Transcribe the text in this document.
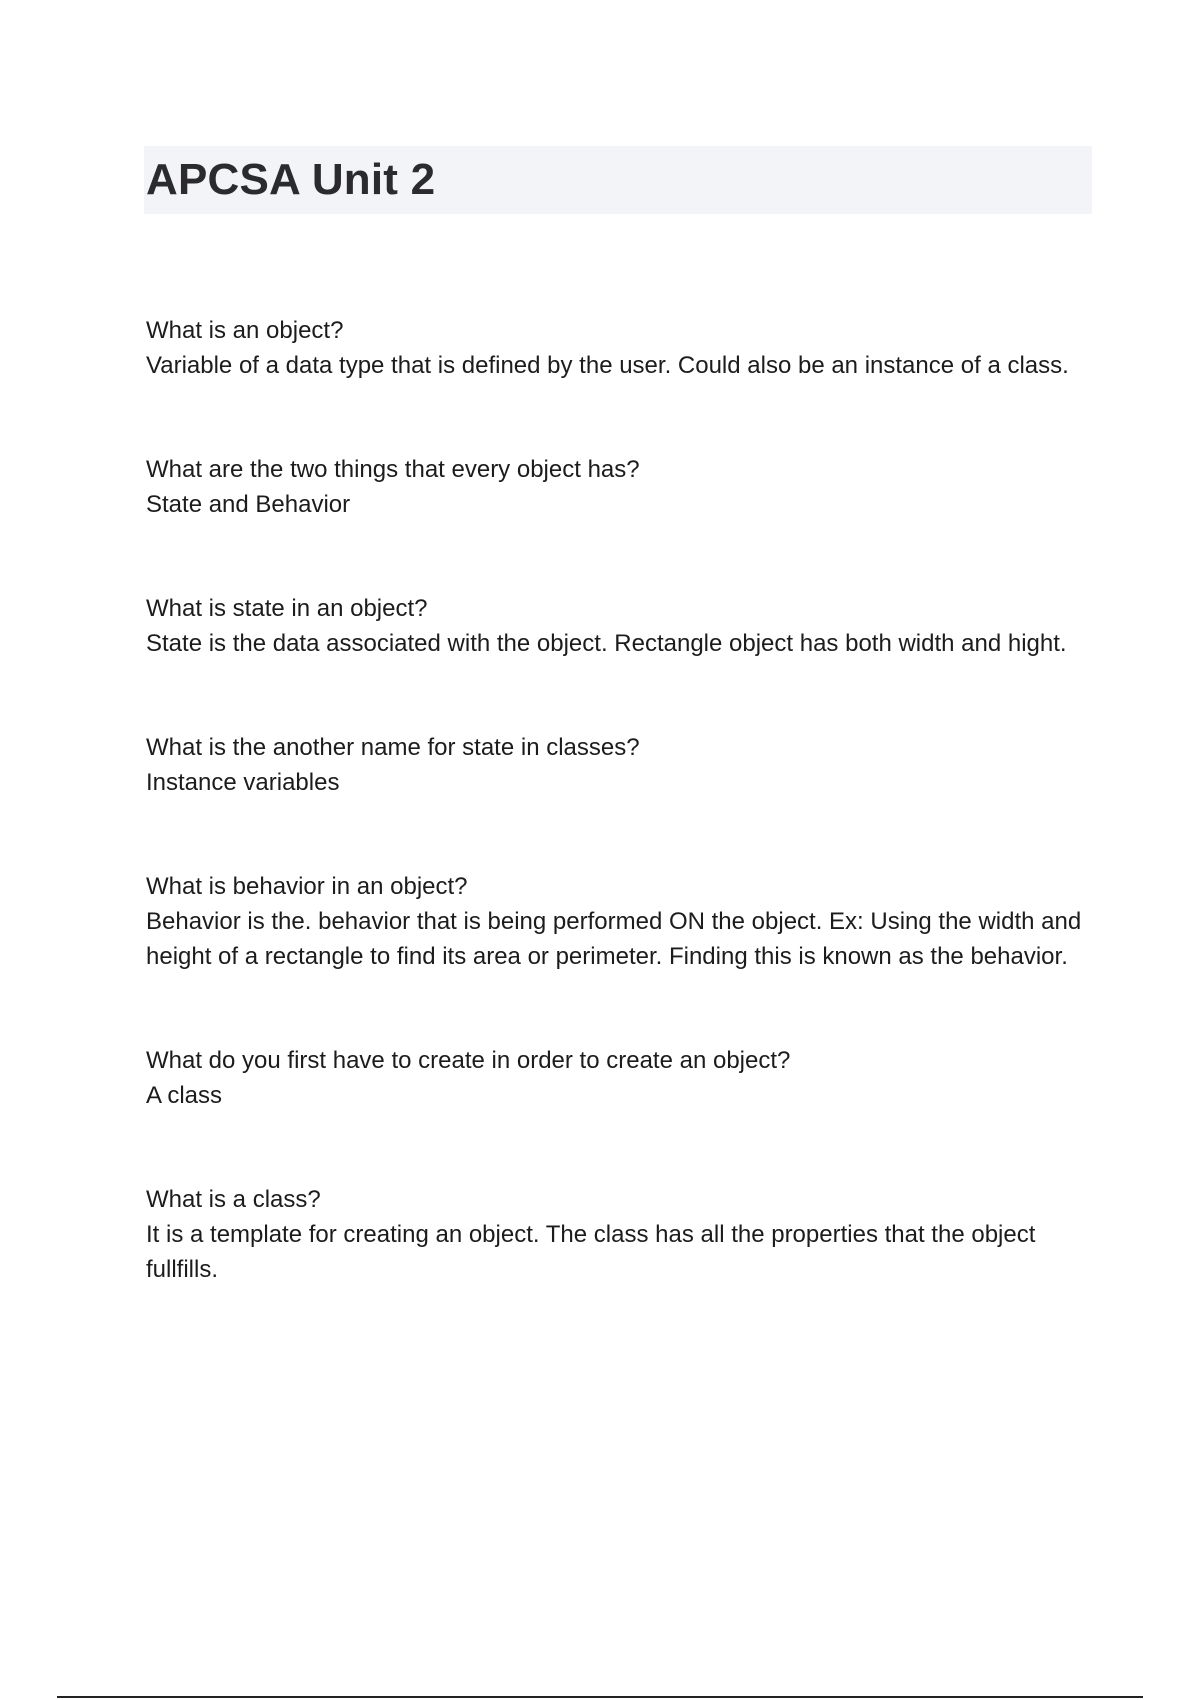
APCSA Unit 2
What is an object?
Variable of a data type that is defined by the user. Could also be an instance of a class.
What are the two things that every object has?
State and Behavior
What is state in an object?
State is the data associated with the object. Rectangle object has both width and hight.
What is the another name for state in classes?
Instance variables
What is behavior in an object?
Behavior is the. behavior that is being performed ON the object. Ex: Using the width and height of a rectangle to find its area or perimeter. Finding this is known as the behavior.
What do you first have to create in order to create an object?
A class
What is a class?
It is a template for creating an object. The class has all the properties that the object fullfills.
